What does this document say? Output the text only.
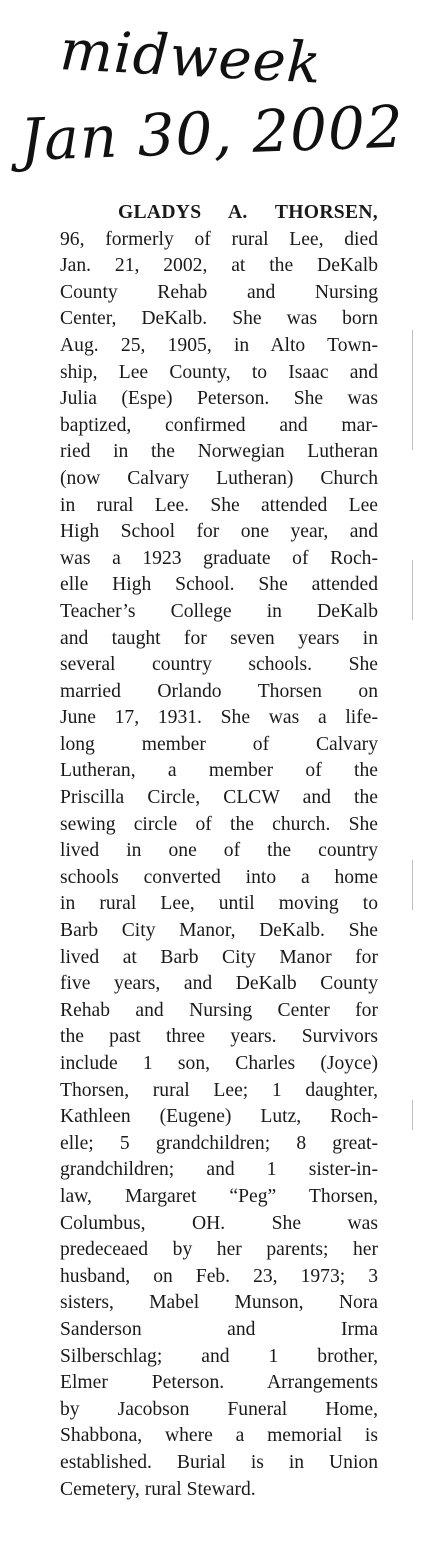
midweek
Jan 30, 2002
GLADYS A. THORSEN,
96, formerly of rural Lee, died
Jan. 21, 2002, at the DeKalb
County Rehab and Nursing
Center, DeKalb. She was born
Aug. 25, 1905, in Alto Town-
ship, Lee County, to Isaac and
Julia (Espe) Peterson. She was
baptized, confirmed and mar-
ried in the Norwegian Lutheran
(now Calvary Lutheran) Church
in rural Lee. She attended Lee
High School for one year, and
was a 1923 graduate of Roch-
elle High School. She attended
Teacher’s College in DeKalb
and taught for seven years in
several country schools. She
married Orlando Thorsen on
June 17, 1931. She was a life-
long member of Calvary
Lutheran, a member of the
Priscilla Circle, CLCW and the
sewing circle of the church. She
lived in one of the country
schools converted into a home
in rural Lee, until moving to
Barb City Manor, DeKalb. She
lived at Barb City Manor for
five years, and DeKalb County
Rehab and Nursing Center for
the past three years. Survivors
include 1 son, Charles (Joyce)
Thorsen, rural Lee; 1 daughter,
Kathleen (Eugene) Lutz, Roch-
elle; 5 grandchildren; 8 great-
grandchildren; and 1 sister-in-
law, Margaret “Peg” Thorsen,
Columbus, OH. She was
predeceaed by her parents; her
husband, on Feb. 23, 1973; 3
sisters, Mabel Munson, Nora
Sanderson and Irma
Silberschlag; and 1 brother,
Elmer Peterson. Arrangements
by Jacobson Funeral Home,
Shabbona, where a memorial is
established. Burial is in Union
Cemetery, rural Steward.
